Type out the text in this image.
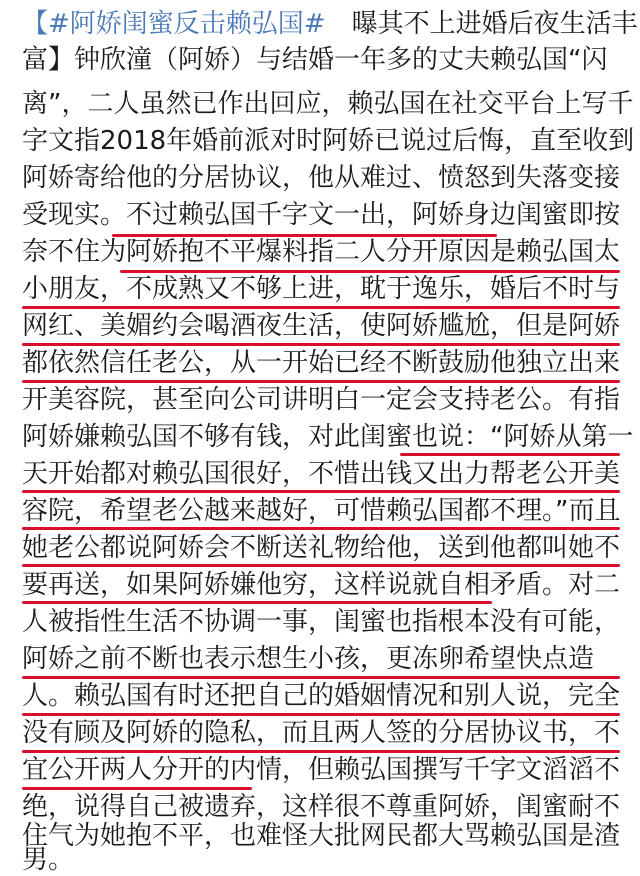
【#阿娇闺蜜反击赖弘国#　曝其不上进婚后夜生活丰
富】钟欣潼（阿娇）与结婚一年多的丈夫赖弘国“闪
离”，二人虽然已作出回应，赖弘国在社交平台上写千
字文指2018年婚前派对时阿娇已说过后悔，直至收到
阿娇寄给他的分居协议，他从难过、愤怒到失落变接
受现实。不过赖弘国千字文一出，阿娇身边闺蜜即按
奈不住为阿娇抱不平爆料指二人分开原因是赖弘国太
小朋友，不成熟又不够上进，耽于逸乐，婚后不时与
网红、美媚约会喝酒夜生活，使阿娇尴尬，但是阿娇
都依然信任老公，从一开始已经不断鼓励他独立出来
开美容院，甚至向公司讲明白一定会支持老公。有指
阿娇嫌赖弘国不够有钱，对此闺蜜也说：“阿娇从第一
天开始都对赖弘国很好，不惜出钱又出力帮老公开美
容院，希望老公越来越好，可惜赖弘国都不理。”而且
她老公都说阿娇会不断送礼物给他，送到他都叫她不
要再送，如果阿娇嫌他穷，这样说就自相矛盾。对二
人被指性生活不协调一事，闺蜜也指根本没有可能，
阿娇之前不断也表示想生小孩，更冻卵希望快点造
人。赖弘国有时还把自己的婚姻情况和别人说，完全
没有顾及阿娇的隐私，而且两人签的分居协议书，不
宜公开两人分开的内情，但赖弘国撰写千字文滔滔不
绝，说得自己被遗弃，这样很不尊重阿娇，闺蜜耐不
住气为她抱不平，也难怪大批网民都大骂赖弘国是渣
男。
